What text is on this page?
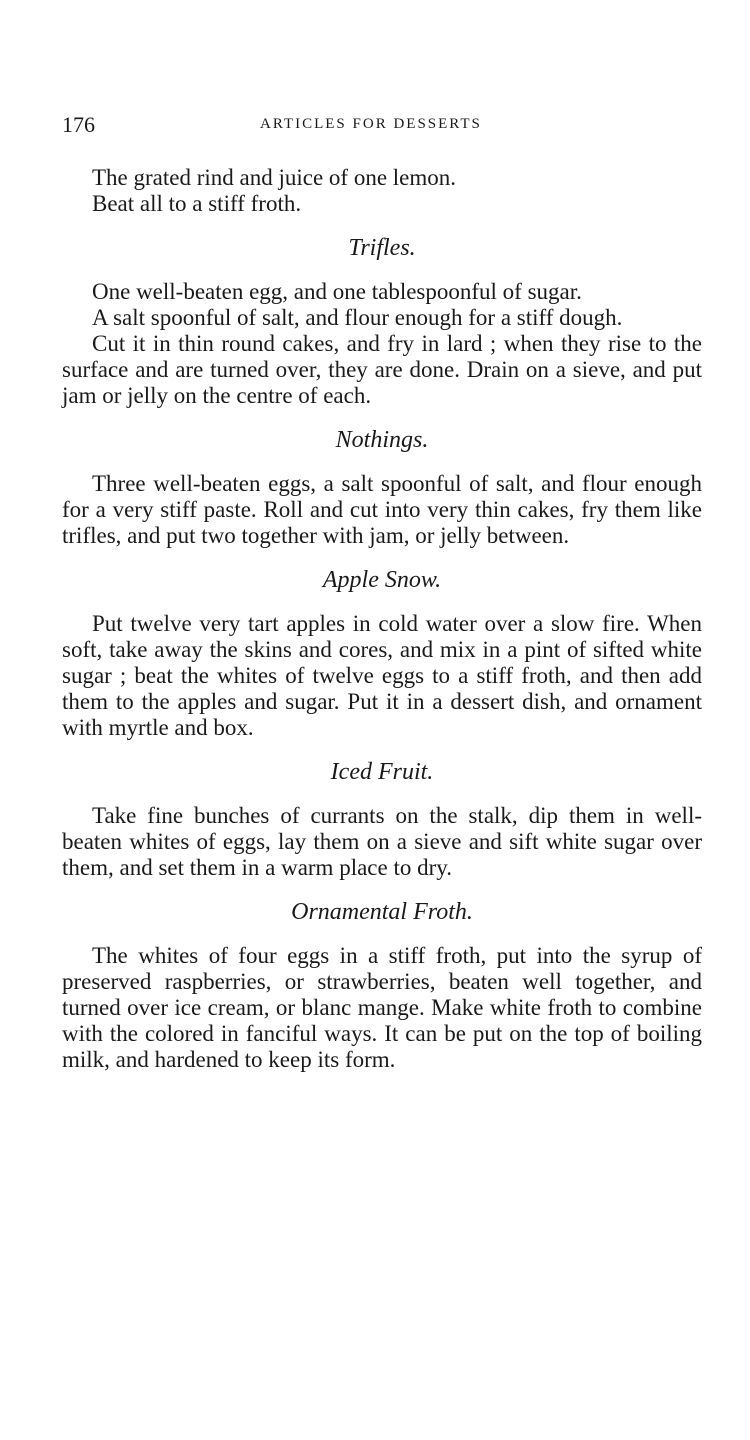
176	ARTICLES FOR DESSERTS

The grated rind and juice of one lemon.

Beat all to a stiff froth.

Trifles.

One well-beaten egg, and one tablespoonful of sugar.

A salt spoonful of salt, and flour enough for a stiff dough.

Cut it in thin round cakes, and fry in lard ; when they rise to the surface and are turned over, they are done. Drain on a sieve, and put jam or jelly on the centre of each.

Nothings.

Three well-beaten eggs, a salt spoonful of salt, and flour enough for a very stiff paste. Roll and cut into very thin cakes, fry them like trifles, and put two together with jam, or jelly between.

Apple Snow.

Put twelve very tart apples in cold water over a slow fire. When soft, take away the skins and cores, and mix in a pint of sifted white sugar ; beat the whites of twelve eggs to a stiff froth, and then add them to the apples and sugar. Put it in a dessert dish, and ornament with myrtle and box.

Iced Fruit.

Take fine bunches of currants on the stalk, dip them in well-beaten whites of eggs, lay them on a sieve and sift white sugar over them, and set them in a warm place to dry.

Ornamental Froth.

The whites of four eggs in a stiff froth, put into the syrup of preserved raspberries, or strawberries, beaten well together, and turned over ice cream, or blanc mange. Make white froth to combine with the colored in fanciful ways. It can be put on the top of boiling milk, and hardened to keep its form.
